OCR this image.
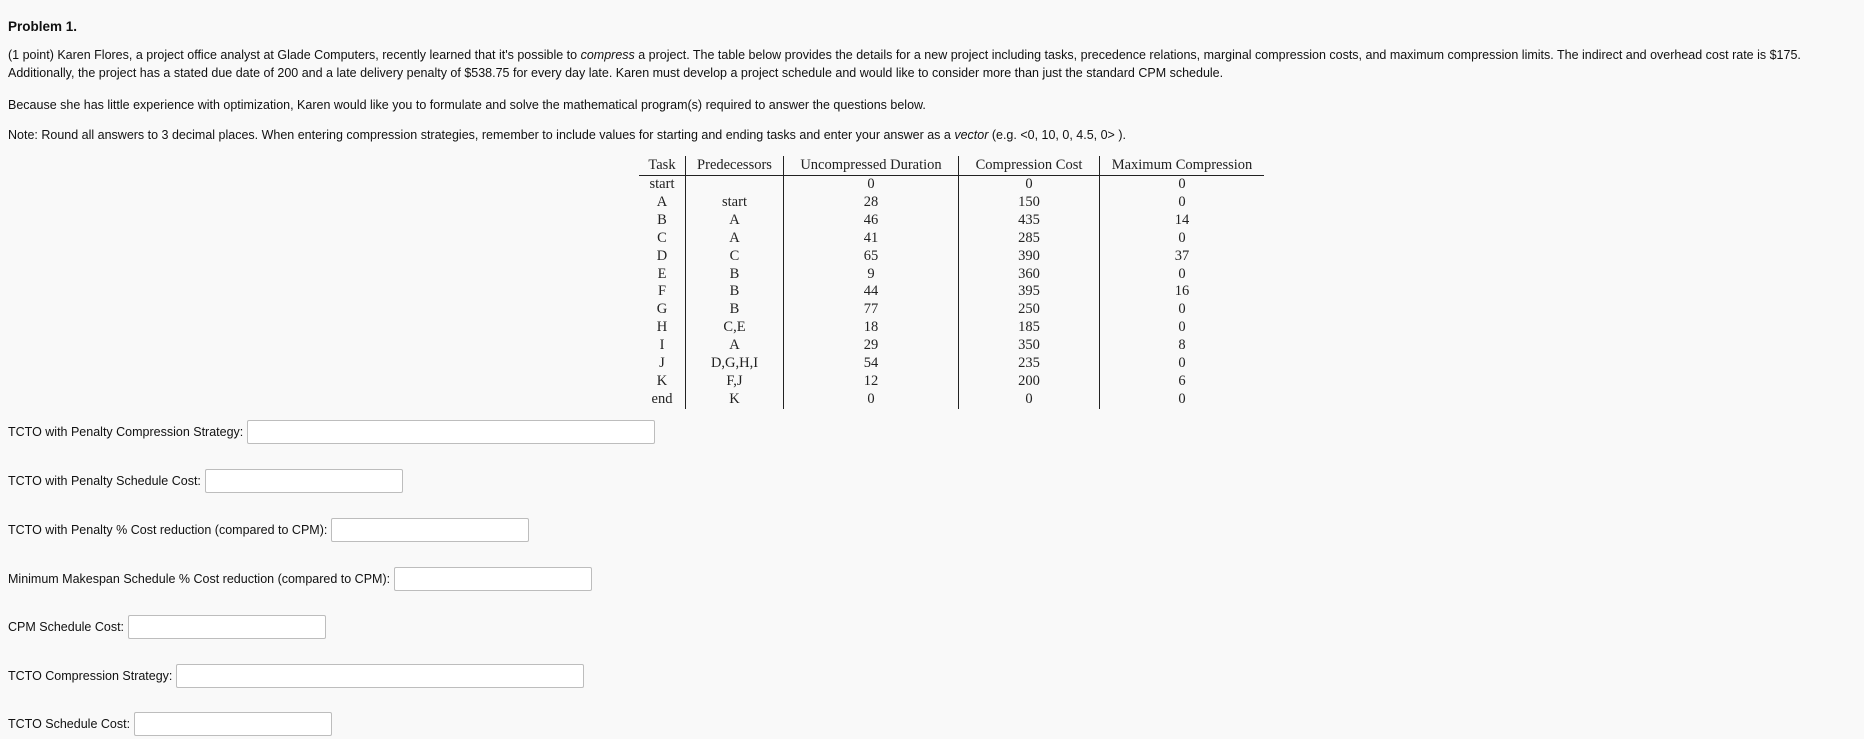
Problem 1.

(1 point) Karen Flores, a project office analyst at Glade Computers, recently learned that it's possible to compress a project. The table below provides the details for a new project including tasks, precedence relations, marginal compression costs, and maximum compression limits. The indirect and overhead cost rate is $175. Additionally, the project has a stated due date of 200 and a late delivery penalty of $538.75 for every day late. Karen must develop a project schedule and would like to consider more than just the standard CPM schedule.

Because she has little experience with optimization, Karen would like you to formulate and solve the mathematical program(s) required to answer the questions below.

Note: Round all answers to 3 decimal places. When entering compression strategies, remember to include values for starting and ending tasks and enter your answer as a vector (e.g. <0, 10, 0, 4.5, 0> ).

Task	Predecessors	Uncompressed Duration	Compression Cost	Maximum Compression
start		0	0	0
A	start	28	150	0
B	A	46	435	14
C	A	41	285	0
D	C	65	390	37
E	B	9	360	0
F	B	44	395	16
G	B	77	250	0
H	C,E	18	185	0
I	A	29	350	8
J	D,G,H,I	54	235	0
K	F,J	12	200	6
end	K	0	0	0
TCTO with Penalty Compression Strategy:
TCTO with Penalty Schedule Cost:
TCTO with Penalty % Cost reduction (compared to CPM):
Minimum Makespan Schedule % Cost reduction (compared to CPM):
CPM Schedule Cost:
TCTO Compression Strategy:
TCTO Schedule Cost:
